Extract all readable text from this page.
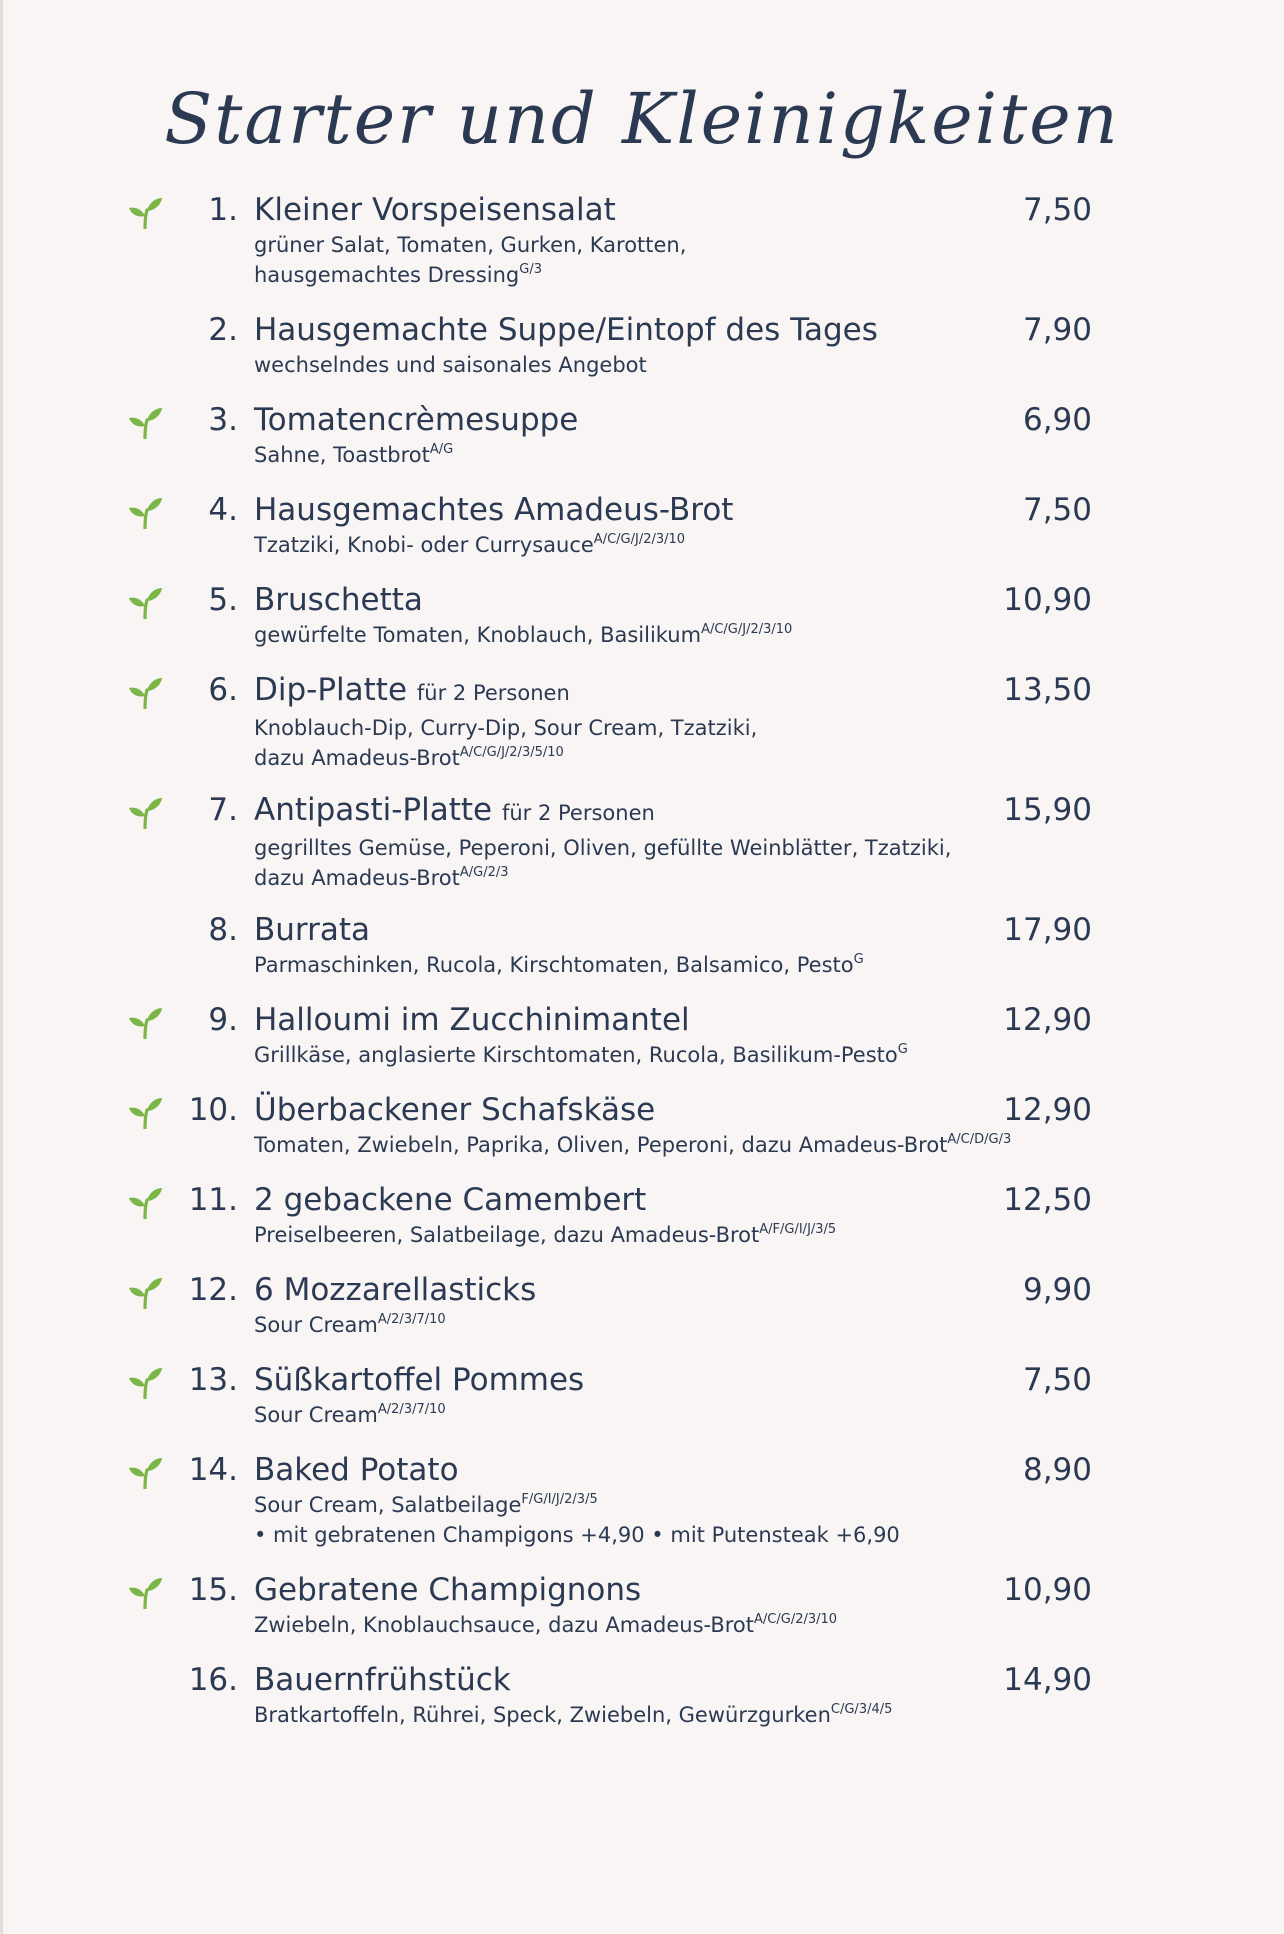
Starter und Kleinigkeiten
1. Kleiner Vorspeisensalat
grüner Salat, Tomaten, Gurken, Karotten,
hausgemachtes Dressing$^{G/3}$
7,50
2. Hausgemachte Suppe/Eintopf des Tages
wechselndes und saisonales Angebot
7,90
3. Tomatencrèmesuppe
Sahne, Toastbrot$^{A/G}$
6,90
4. Hausgemachtes Amadeus-Brot
Tzatziki, Knobi- oder Currysauce$^{A/C/G/J/2/3/10}$
7,50
5. Bruschetta
gewürfelte Tomaten, Knoblauch, Basilikum$^{A/C/G/J/2/3/10}$
10,90
6. Dip-Platte für 2 Personen
Knoblauch-Dip, Curry-Dip, Sour Cream, Tzatziki,
dazu Amadeus-Brot$^{A/C/G/J/2/3/5/10}$
13,50
7. Antipasti-Platte für 2 Personen
gegrilltes Gemüse, Peperoni, Oliven, gefüllte Weinblätter, Tzatziki,
dazu Amadeus-Brot$^{A/G/2/3}$
15,90
8. Burrata
Parmaschinken, Rucola, Kirschtomaten, Balsamico, Pesto$^G$
17,90
9. Halloumi im Zucchinimantel
Grillkäse, anglasierte Kirschtomaten, Rucola, Basilikum-Pesto$^G$
12,90
10. Überbackener Schafskäse
Tomaten, Zwiebeln, Paprika, Oliven, Peperoni, dazu Amadeus-Brot$^{A/C/D/G/3}$
12,90
11. 2 gebackene Camembert
Preiselbeeren, Salatbeilage, dazu Amadeus-Brot$^{A/F/G/I/J/3/5}$
12,50
12. 6 Mozzarellasticks
Sour Cream$^{A/2/3/7/10}$
9,90
13. Süßkartoffel Pommes
Sour Cream$^{A/2/3/7/10}$
7,50
14. Baked Potato
Sour Cream, Salatbeilage$^{F/G/I/J/2/3/5}$
• mit gebratenen Champigons +4,90 • mit Putensteak +6,90
8,90
15. Gebratene Champignons
Zwiebeln, Knoblauchsauce, dazu Amadeus-Brot$^{A/C/G/2/3/10}$
10,90
16. Bauernfrühstück
Bratkartoffeln, Rührei, Speck, Zwiebeln, Gewürzgurken$^{C/G/3/4/5}$
14,90
